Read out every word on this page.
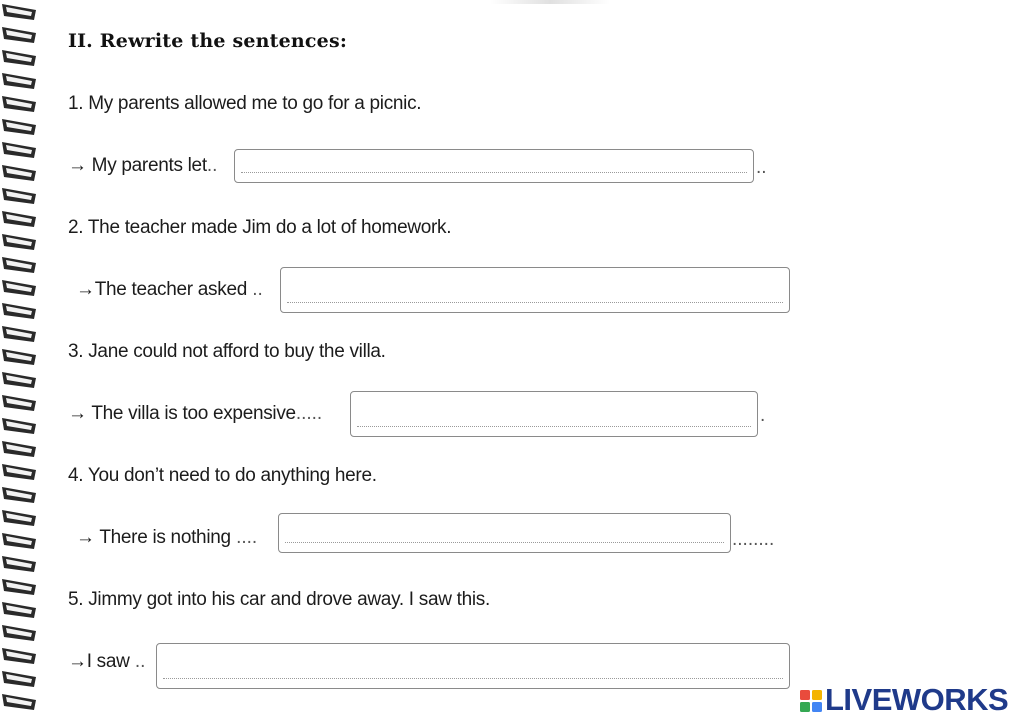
II. Rewrite the sentences:
1. My parents allowed me to go for a picnic.
→ My parents let..	..
2. The teacher made Jim do a lot of homework.
→The teacher asked ..
3. Jane could not afford to buy the villa.
→ The villa is too expensive.....	.
4. You don’t need to do anything here.
→ There is nothing ....	........
5. Jimmy got into his car and drove away. I saw this.
→I saw ..
LIVEWORKS
